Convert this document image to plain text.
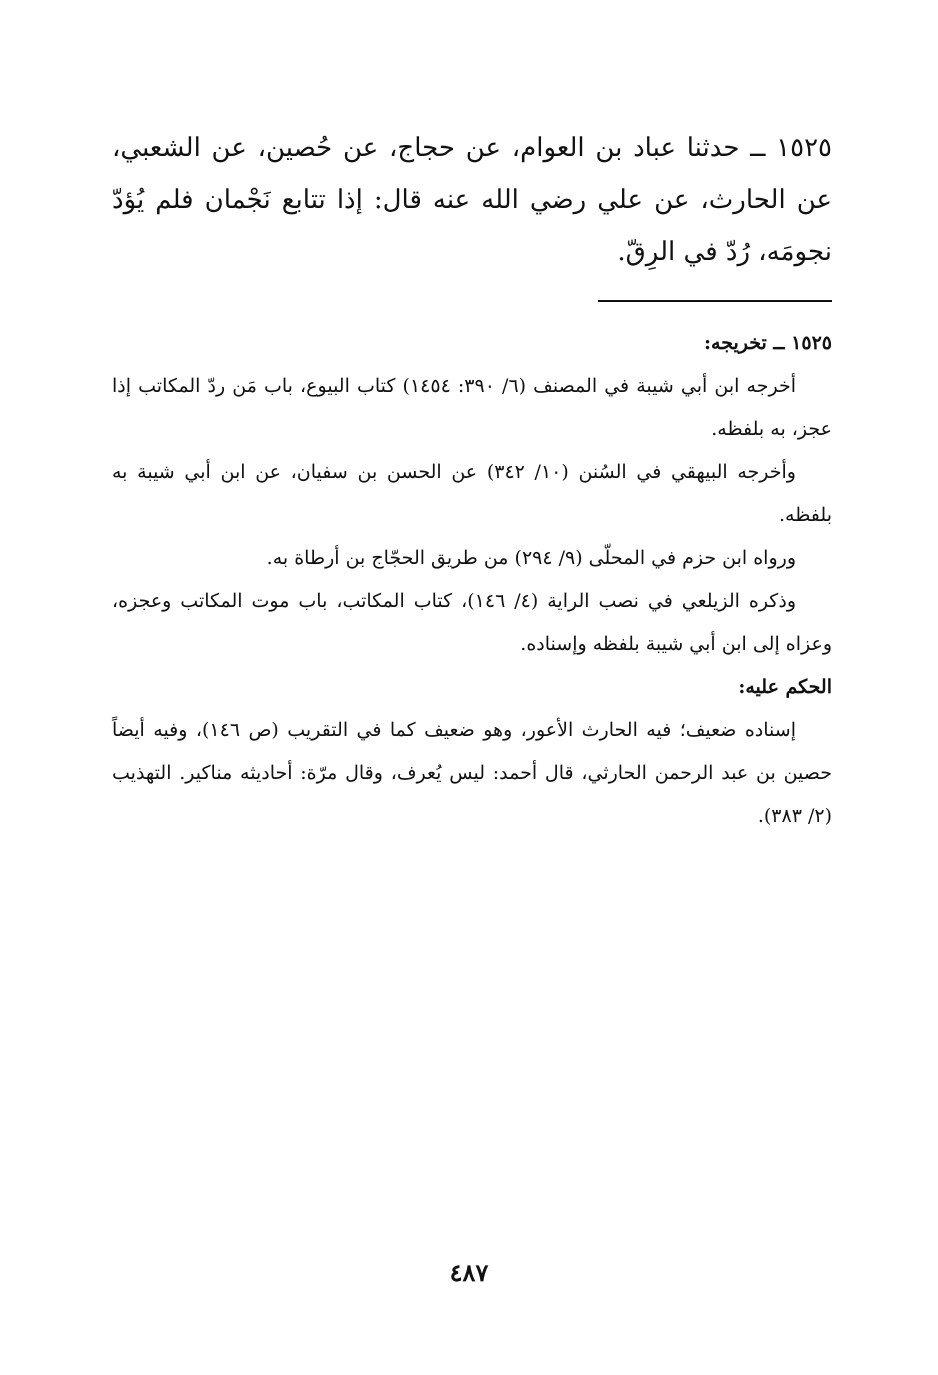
١٥٢٥ ــ حدثنا عباد بن العوام، عن حجاج، عن حُصين، عن الشعبي، عن الحارث، عن علي رضي الله عنه قال: إذا تتابع نَجْمان فلم يُؤدّ نجومَه، رُدّ في الرِقّ.

١٥٢٥ ــ تخريجه:

أخرجه ابن أبي شيبة في المصنف (٦/ ٣٩٠: ١٤٥٤) كتاب البيوع، باب مَن ردّ المكاتب إذا عجز، به بلفظه.

وأخرجه البيهقي في السُنن (١٠/ ٣٤٢) عن الحسن بن سفيان، عن ابن أبي شيبة به بلفظه.

ورواه ابن حزم في المحلّى (٩/ ٢٩٤) من طريق الحجّاج بن أرطاة به.

وذكره الزيلعي في نصب الراية (٤/ ١٤٦)، كتاب المكاتب، باب موت المكاتب وعجزه، وعزاه إلى ابن أبي شيبة بلفظه وإسناده.

الحكم عليه:

إسناده ضعيف؛ فيه الحارث الأعور، وهو ضعيف كما في التقريب (ص ١٤٦)، وفيه أيضاً حصين بن عبد الرحمن الحارثي، قال أحمد: ليس يُعرف، وقال مرّة: أحاديثه مناكير. التهذيب (٢/ ٣٨٣).

٤٨٧
